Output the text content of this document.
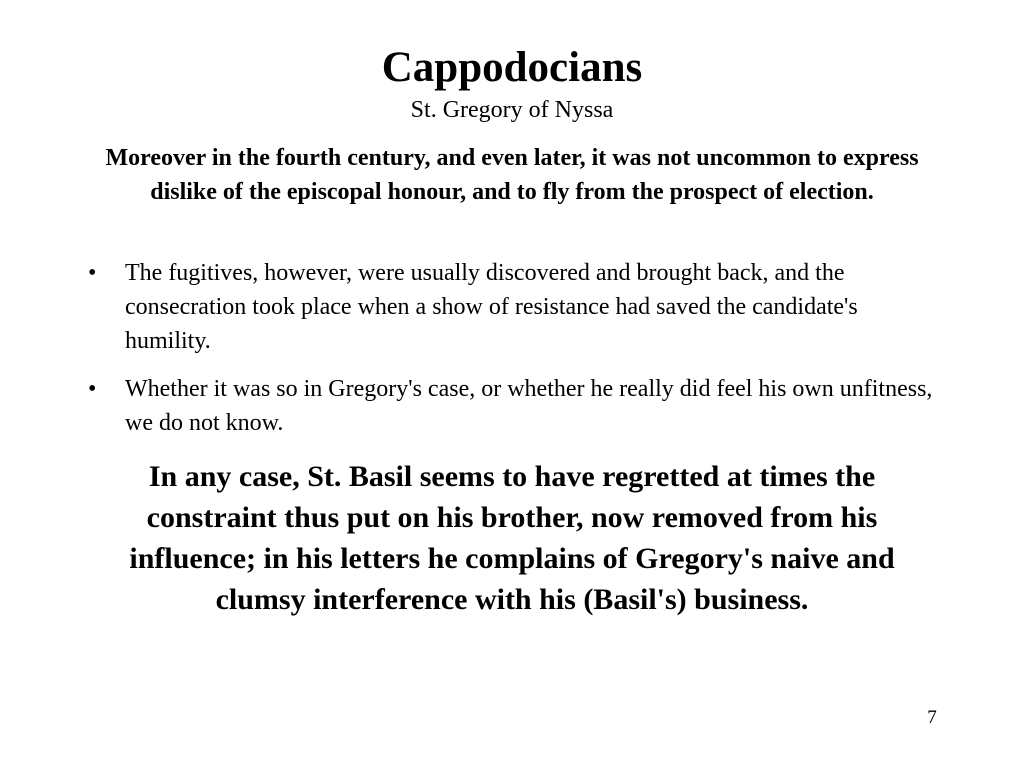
Cappodocians

St. Gregory of Nyssa

Moreover in the fourth century, and even later, it was not uncommon to express dislike of the episcopal honour, and to fly from the prospect of election.

• The fugitives, however, were usually discovered and brought back, and the consecration took place when a show of resistance had saved the candidate's humility.
• Whether it was so in Gregory's case, or whether he really did feel his own unfitness, we do not know.

In any case, St. Basil seems to have regretted at times the constraint thus put on his brother, now removed from his influence; in his letters he complains of Gregory's naive and clumsy interference with his (Basil's) business.

7
